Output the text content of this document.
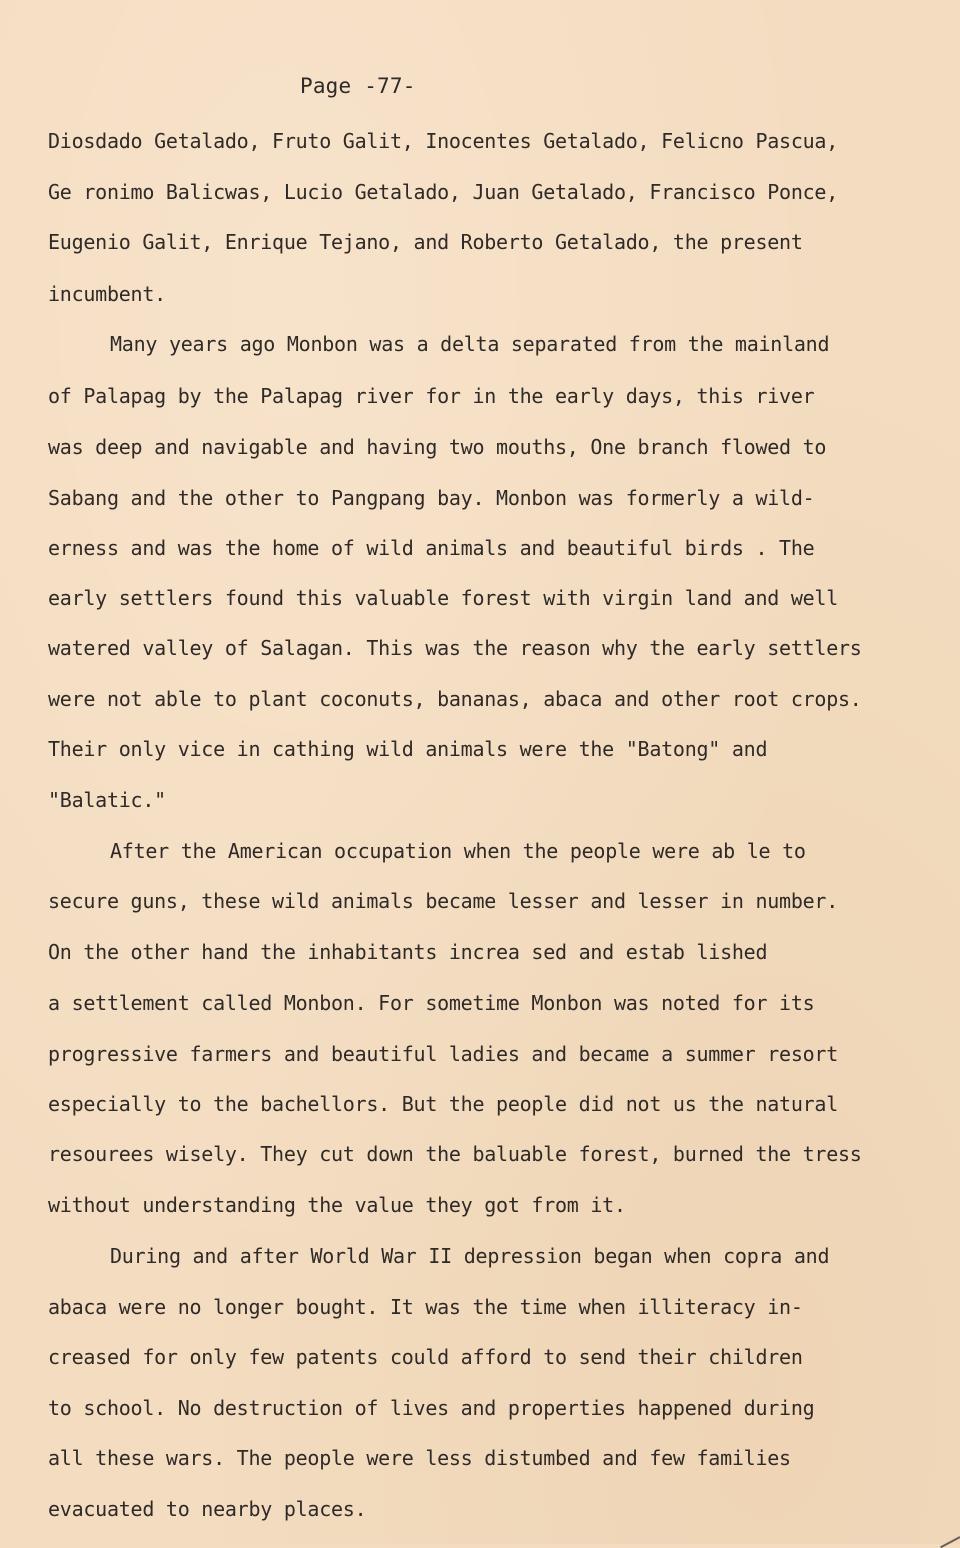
Page -77-
Diosdado Getalado, Fruto Galit, Inocentes Getalado, Felicno Pascua,
Ge ronimo Balicwas, Lucio Getalado, Juan Getalado, Francisco Ponce,
Eugenio Galit, Enrique Tejano, and Roberto Getalado, the present
incumbent.
Many years ago Monbon was a delta separated from the mainland
of Palapag by the Palapag river for in the early days, this river
was deep and navigable and having two mouths, One branch flowed to
Sabang and the other to Pangpang bay. Monbon was formerly a wild-
erness and was the home of wild animals and beautiful birds . The
early settlers found this valuable forest with virgin land and well
watered valley of Salagan. This was the reason why the early settlers
were not able to plant coconuts, bananas, abaca and other root crops.
Their only vice in cathing wild animals were the "Batong" and
"Balatic."
After the American occupation when the people were ab le to
secure guns, these wild animals became lesser and lesser in number.
On the other hand the inhabitants increa sed and estab lished
a settlement called Monbon. For sometime Monbon was noted for its
progressive farmers and beautiful ladies and became a summer resort
especially to the bachellors. But the people did not us the natural
resourees wisely. They cut down the baluable forest, burned the tress
without understanding the value they got from it.
During and after World War II depression began when copra and
abaca were no longer bought. It was the time when illiteracy in-
creased for only few patents could afford to send their children
to school. No destruction of lives and properties happened during
all these wars. The people were less distumbed and few families
evacuated to nearby places.
